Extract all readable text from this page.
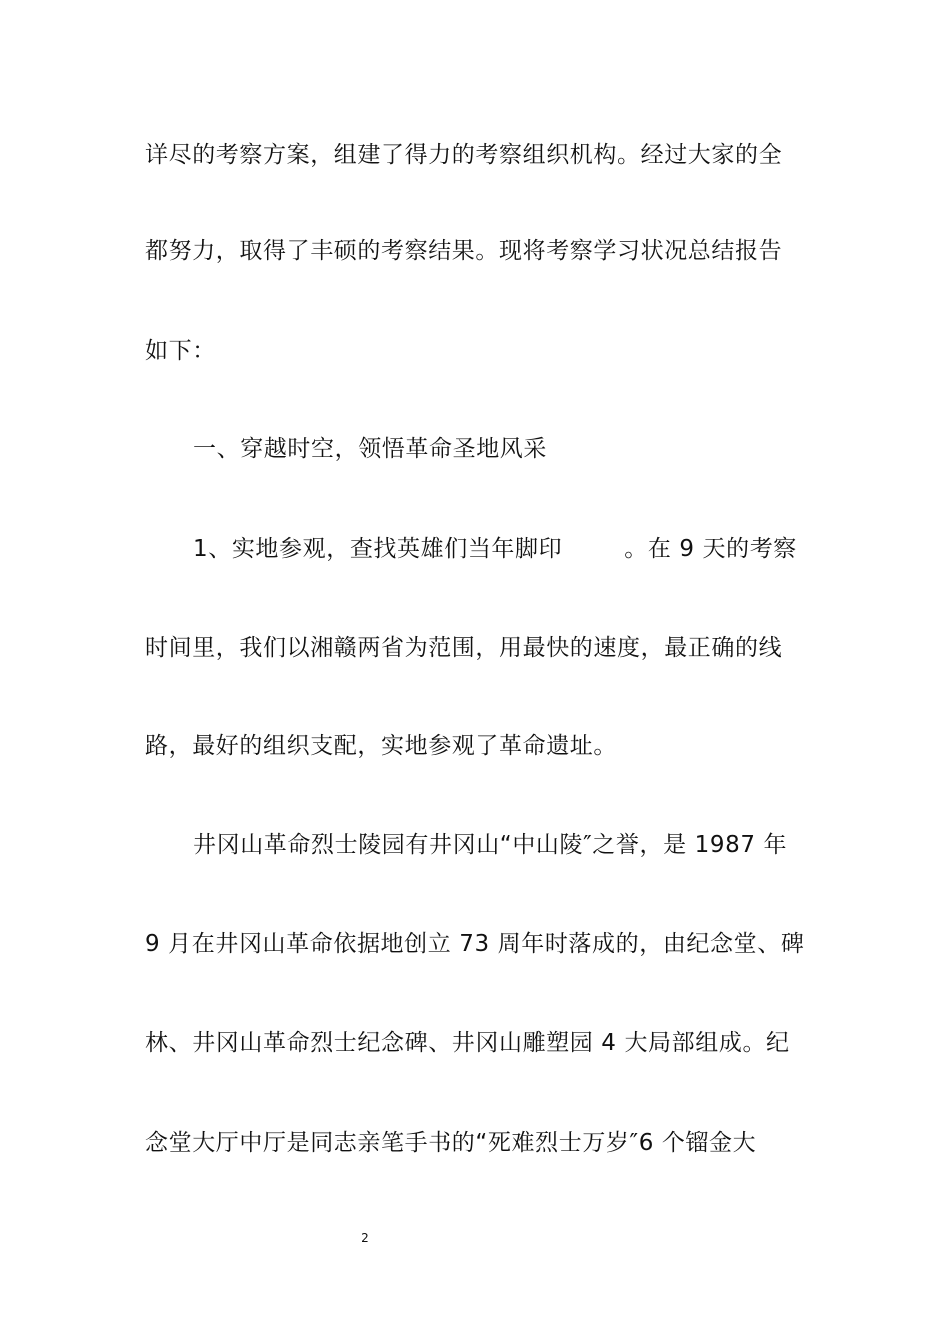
详尽的考察方案，组建了得力的考察组织机构。经过大家的全
都努力，取得了丰硕的考察结果。现将考察学习状况总结报告
如下：
一、穿越时空，领悟革命圣地风采
1、实地参观，查找英雄们当年脚印	。在 9 天的考察
时间里，我们以湘赣两省为范围，用最快的速度，最正确的线
路，最好的组织支配，实地参观了革命遗址。
井冈山革命烈士陵园有井冈山“中山陵″之誉，是 1987 年
9 月在井冈山革命依据地创立 73 周年时落成的，由纪念堂、碑
林、井冈山革命烈士纪念碑、井冈山雕塑园 4 大局部组成。纪
念堂大厅中厅是同志亲笔手书的“死难烈士万岁″6 个镏金大
2
